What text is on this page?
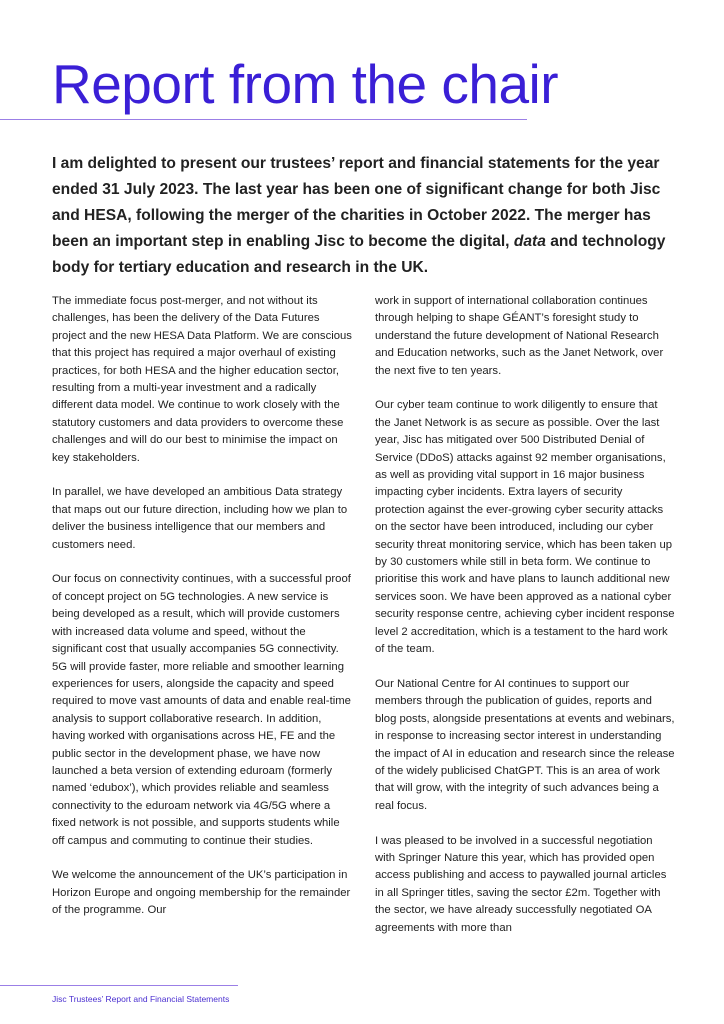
Report from the chair

I am delighted to present our trustees’ report and financial statements for the year ended 31 July 2023. The last year has been one of significant change for both Jisc and HESA, following the merger of the charities in October 2022. The merger has been an important step in enabling Jisc to become the digital, data and technology body for tertiary education and research in the UK.

The immediate focus post-merger, and not without its challenges, has been the delivery of the Data Futures project and the new HESA Data Platform. We are conscious that this project has required a major overhaul of existing practices, for both HESA and the higher education sector, resulting from a multi-year investment and a radically different data model. We continue to work closely with the statutory customers and data providers to overcome these challenges and will do our best to minimise the impact on key stakeholders.

In parallel, we have developed an ambitious Data strategy that maps out our future direction, including how we plan to deliver the business intelligence that our members and customers need.

Our focus on connectivity continues, with a successful proof of concept project on 5G technologies. A new service is being developed as a result, which will provide customers with increased data volume and speed, without the significant cost that usually accompanies 5G connectivity. 5G will provide faster, more reliable and smoother learning experiences for users, alongside the capacity and speed required to move vast amounts of data and enable real-time analysis to support collaborative research. In addition, having worked with organisations across HE, FE and the public sector in the development phase, we have now launched a beta version of extending eduroam (formerly named ‘edubox’), which provides reliable and seamless connectivity to the eduroam network via 4G/5G where a fixed network is not possible, and supports students while off campus and commuting to continue their studies.

We welcome the announcement of the UK’s participation in Horizon Europe and ongoing membership for the remainder of the programme. Our

work in support of international collaboration continues through helping to shape GÉANT’s foresight study to understand the future development of National Research and Education networks, such as the Janet Network, over the next five to ten years.

Our cyber team continue to work diligently to ensure that the Janet Network is as secure as possible. Over the last year, Jisc has mitigated over 500 Distributed Denial of Service (DDoS) attacks against 92 member organisations, as well as providing vital support in 16 major business impacting cyber incidents. Extra layers of security protection against the ever-growing cyber security attacks on the sector have been introduced, including our cyber security threat monitoring service, which has been taken up by 30 customers while still in beta form. We continue to prioritise this work and have plans to launch additional new services soon. We have been approved as a national cyber security response centre, achieving cyber incident response level 2 accreditation, which is a testament to the hard work of the team.

Our National Centre for AI continues to support our members through the publication of guides, reports and blog posts, alongside presentations at events and webinars, in response to increasing sector interest in understanding the impact of AI in education and research since the release of the widely publicised ChatGPT. This is an area of work that will grow, with the integrity of such advances being a real focus.

I was pleased to be involved in a successful negotiation with Springer Nature this year, which has provided open access publishing and access to paywalled journal articles in all Springer titles, saving the sector £2m. Together with the sector, we have already successfully negotiated OA agreements with more than

Jisc Trustees’ Report and Financial Statements
